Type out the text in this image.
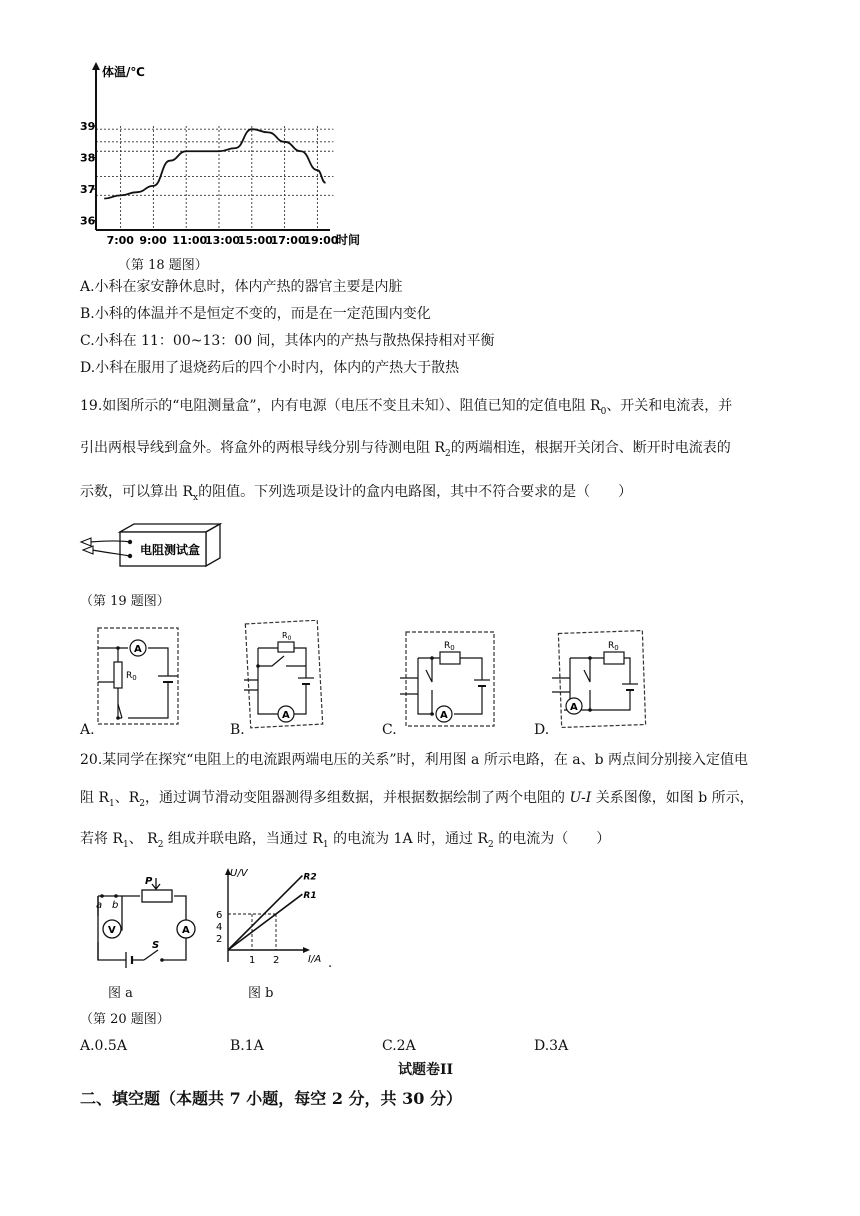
体温/℃
时间
36
37
38
39
7:00 9:00 11:00
13:00
15:00
17:00
19:00
（第 18 题图）
A.小科在家安静休息时，体内产热的器官主要是内脏
B.小科的体温并不是恒定不变的，而是在一定范围内变化
C.小科在 11：00~13：00 间，其体内的产热与散热保持相对平衡
D.小科在服用了退烧药后的四个小时内，体内的产热大于散热
19.如图所示的“电阻测量盒”，内有电源（电压不变且未知）、阻值已知的定值电阻 $R_0$、开关和电流表，并
引出两根导线到盒外。将盒外的两根导线分别与待测电阻 $R_2$的两端相连，根据开关闭合、断开时电流表的
示数，可以算出 $R_x$的阻值。下列选项是设计的盒内电路图，其中不符合要求的是（　　）
电阻测试盒
（第 19 题图）
A
$R_0$
A.
$R_0$
A
B.
$R_0$
A
C.
$R_0$
A
D.
20.某同学在探究“电阻上的电流跟两端电压的关系”时，利用图 a 所示电路，在 a、b 两点间分别接入定值电
阻 $R_1$、$R_2$，通过调节滑动变阻器测得多组数据，并根据数据绘制了两个电阻的 U-I 关系图像，如图 b 所示，
若将 $R_1$、 $R_2$ 组成并联电路，当通过 $R_1$ 的电流为 1A 时，通过 $R_2$ 的电流为（　　）
P
a b
V	A
S
图 a
U/V
I/A
2
4
6
1 2
R2
R1
.
图 b
（第 20 题图）
A.0.5A	B.1A	C.2A	D.3A
试题卷II
二、填空题（本题共 7 小题，每空 2 分，共 30 分）
